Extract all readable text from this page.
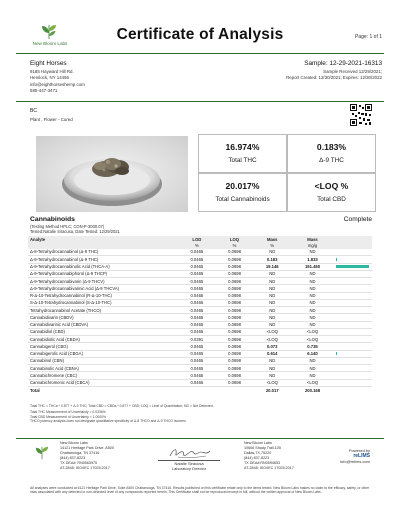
New Bloom Labs
Certificate of Analysis	Page: 1 of 1
Eight Horses
9185 Hayward Hill Rd.
Hemlock, NY 14466
info@eighthorseshemp.com
585-447-3471
Sample: 12-29-2021-16313
Sample Received 12/29/2021;
Report Created: 12/30/2021; Expires: 12/30/2022
BC
Plant , Flower - Cured
16.974%
Total THC
0.183%
Δ-9 THC
20.017%
Total Cannabinoids
<LOQ %
Total CBD
Cannabinoids	Complete
(Testing Method HPLC; CON-P-3000.07)
Tested:Natalie Siracusa, Date Tested: 12/29/2021
Analyte	LOD	LOQ	Mass	Mass	
	%	%	%	mg/g	
Δ-8-Tetrahydrocannabinol (Δ-8 THC)	0.0465	0.0698	ND	ND	
Δ-9-Tetrahydrocannabinol (Δ-9 THC)	0.0465	0.0698	0.183	1.833	

Δ-9-Tetrahydrocannabinolic Acid (THCA-A)	0.0465	0.0698	19.146	191.460	

Δ-9-Tetrahydrocannabiphorol (Δ-9 THCP)	0.0465	0.0698	ND	ND	
Δ-9-Tetrahydrocannabivarin (Δ-9 THCV)	0.0465	0.0698	ND	ND	
Δ-9-Tetrahydrocannabivarinic Acid (Δ-9 THCVA)	0.0465	0.0698	ND	ND	
R-Δ-10-Tetrahydrocannabinol (R-Δ-10-THC)	0.0465	0.0698	ND	ND	
S-Δ-10-Tetrahydrocannabinol (S-Δ-10-THC)	0.0465	0.0698	ND	ND	
Tetrahydrocannabinol Acetate (THCO)	0.0465	0.0698	ND	ND	
Cannabidivarin (CBDV)	0.0465	0.0698	ND	ND	
Cannabidivarinic Acid (CBDVA)	0.0465	0.0698	ND	ND	
Cannabidiol (CBD)	0.0465	0.0698	<LOQ	<LOQ	
Cannabidiolic Acid (CBDA)	0.0391	0.0698	<LOQ	<LOQ	
Cannabigerol (CBG)	0.0465	0.0698	0.073	0.735	
Cannabigerolic Acid (CBGA)	0.0465	0.0698	0.614	6.140	

Cannabinol (CBN)	0.0465	0.0698	ND	ND	
Cannabinolic Acid (CBNA)	0.0465	0.0698	ND	ND	
Cannabichromene (CBC)	0.0465	0.0698	ND	ND	
Cannabichromenic Acid (CBCA)	0.0465	0.0698	<LOQ	<LOQ	
Total			20.017	200.168	
Total THC = THCa * 0.877 + Δ-9 THC; Total CBD = CBDa * 0.877 + CBD; LOQ = Limit of Quantitation; ND = Not Detected.
Total THC Measurement of Uncertainty = 0.0336%
Total CBD Measurement of Uncertainty = 1.0000%
THCO potency analysis does not designate quantitative specificity of Δ-8 THCO and Δ-9 THCO isomers
New Bloom Labs
14121 Heritage Park Drive, A500
Chattanooga, TN 37416
(844) 837-8223
TX DEA#: RN0563975
AT-2848: ISO/IEC 17025:2017
Natalie Siracusa
Laboratory Director
New Bloom Labs
10606 Shady Trail,105
Dallas,TX,75220
(844) 837-8223
TX DEA#:RN0594653
AT-2848: ISO/IEC 17025:2017
Powered by
reLIMS
info@relims.com
All analyses were conducted at 6121 Heritage Park Drive, Suite A500 Chattanooga, TN 37416. Results published on this certificate relate only to the items tested. New Bloom Labs makes no claim to the efficacy, safety, or other risks associated with any detected or non-detected level of any compounds reported herein. This Certificate shall not be reproduced except in full, without the written approval of New Bloom Labs.
